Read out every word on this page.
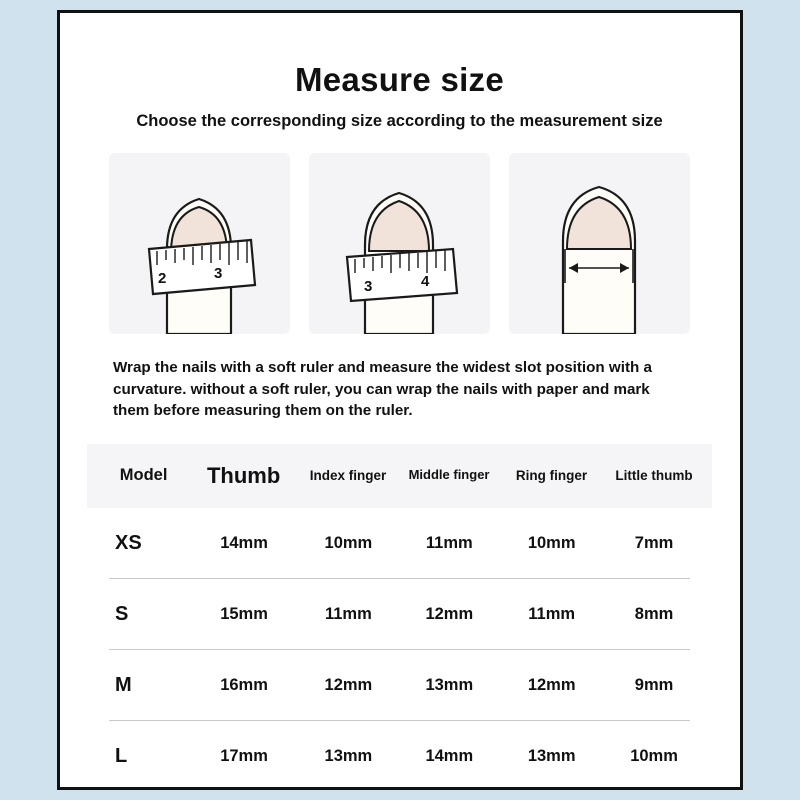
Measure size
Choose the corresponding size according to the measurement size
2	3
3	4
Wrap the nails with a soft ruler and measure the widest slot position with a curvature. without a soft ruler, you can wrap the nails with paper and mark them before measuring them on the ruler.
Model	Thumb	Index finger	Middle finger	Ring finger	Little thumb
XS	14mm	10mm	11mm	10mm	7mm
S	15mm	11mm	12mm	11mm	8mm
M	16mm	12mm	13mm	12mm	9mm
L	17mm	13mm	14mm	13mm	10mm
